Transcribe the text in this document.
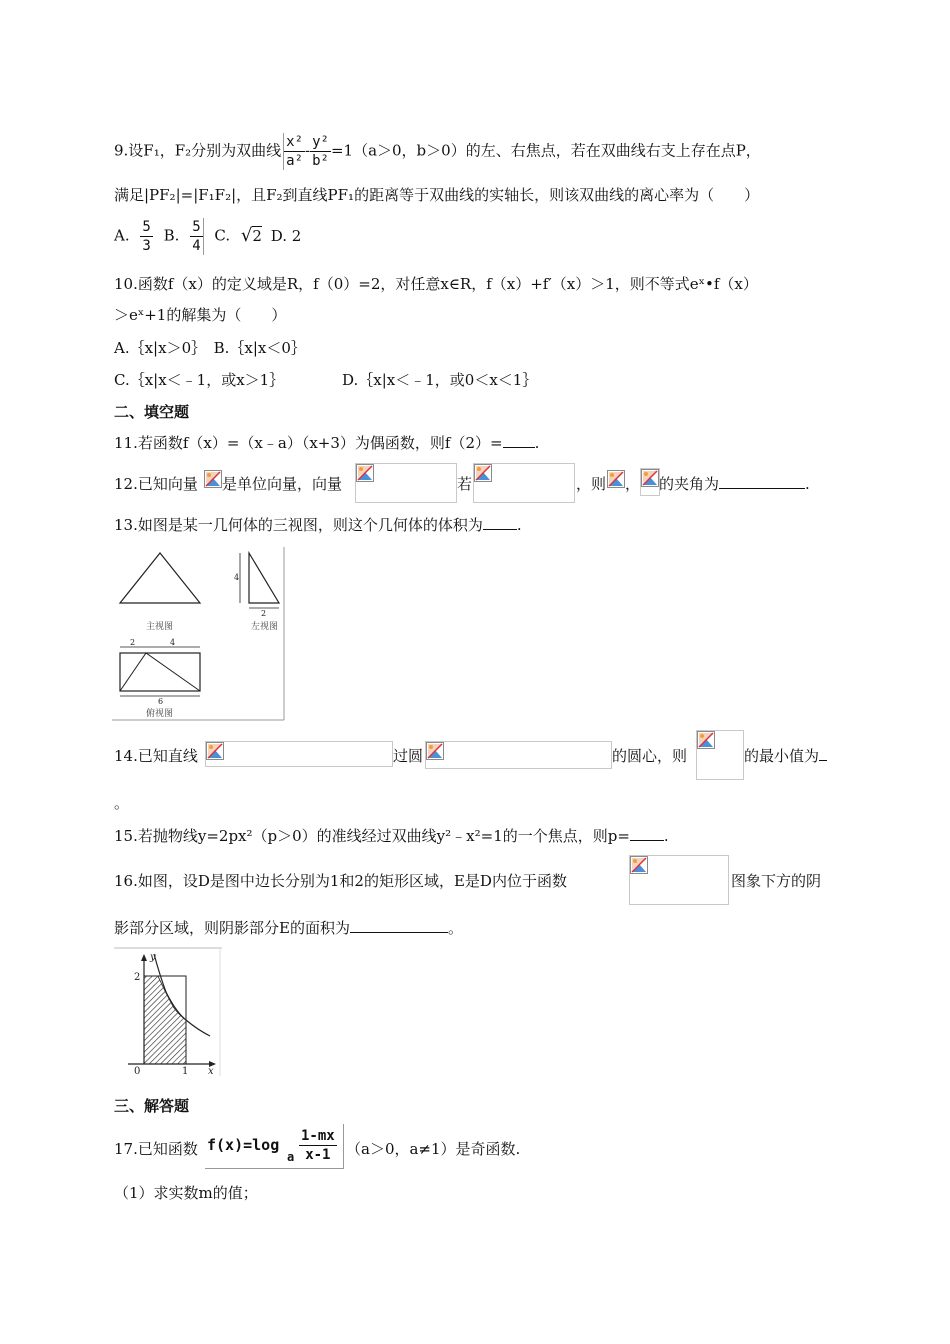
9.设F₁，F₂分别为双曲线 $\frac{\text{x²}}{\text{a²}} - \frac{\text{y²}}{\text{b²}} =1(a>0$，b＞0）的左、右焦点，若在双曲线右支上存在点P，
满足|PF₂|=|F₁F₂|，且F₂到直线PF₁的距离等于双曲线的实轴长，则该双曲线的离心率为（　　）
A. $\frac{5}{3} B$. $\frac{5}{4} C$. √2 D. 2
10.函数f（x）的定义域是R，f（0）=2，对任意x∈R，f（x）+f′（x）＞1，则不等式eˣ•f（x）
＞eˣ+1的解集为（　　）
A.｛x|x＞0｝　B.｛x|x＜0｝
C.｛x|x＜﹣1，或x＞1｝	D.｛x|x＜﹣1，或0＜x＜1｝
二、填空题
11.若函数f（x）=（x﹣a）（x+3）为偶函数，则f（2）= .
12.已知向量 是单位向量，向量	若	，则 ， 的夹角为	.
13.如图是某一几何体的三视图，则这个几何体的体积为 .
主视图
4
2
左视图
2	4
6
俯视图
14.已知直线	过圆	的圆心，则	的最小值为
。
15.若抛物线y=2px²（p＞0）的准线经过双曲线y²﹣x²=1的一个焦点，则p= .
16.如图，设D是图中边长分别为1和2的矩形区域，E是D内位于函数	图象下方的阴
影部分区域，则阴影部分E的面积为	。
y
x
0	1
2
三、解答题
17.已知函数 f(x)=log
a $\frac{1-mx}{x-1} (a>0$，a≠1）是奇函数.
（1）求实数m的值；
